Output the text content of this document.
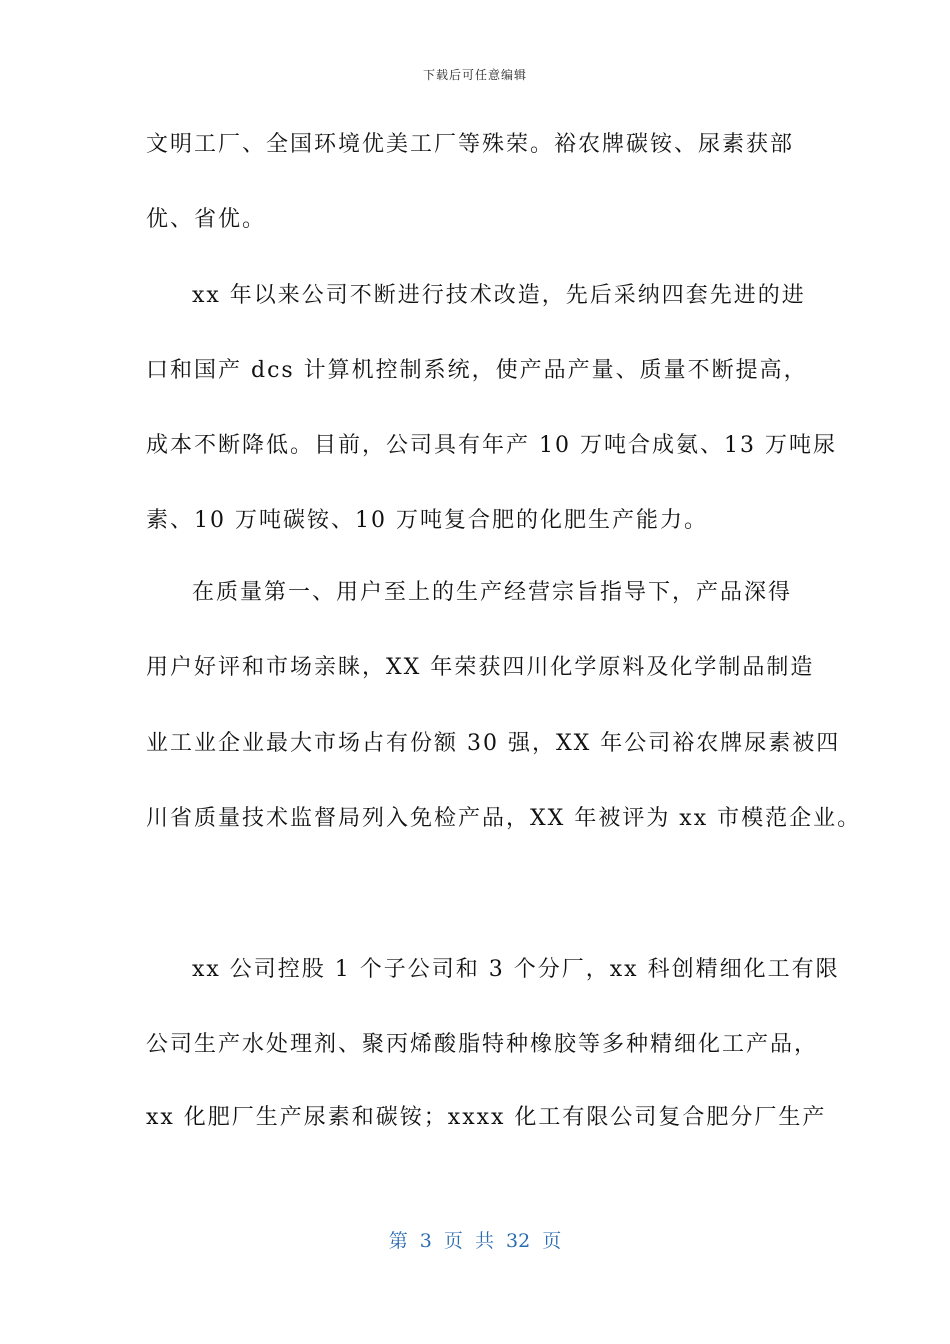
下载后可任意编辑
文明工厂、全国环境优美工厂等殊荣。裕农牌碳铵、尿素获部
优、省优。
xx 年以来公司不断进行技术改造，先后采纳四套先进的进
口和国产 dcs 计算机控制系统，使产品产量、质量不断提高，
成本不断降低。目前，公司具有年产 10 万吨合成氨、13 万吨尿
素、10 万吨碳铵、10 万吨复合肥的化肥生产能力。
在质量第一、用户至上的生产经营宗旨指导下，产品深得
用户好评和市场亲睐，XX 年荣获四川化学原料及化学制品制造
业工业企业最大市场占有份额 30 强，XX 年公司裕农牌尿素被四
川省质量技术监督局列入免检产品，XX 年被评为 xx 市模范企业。
xx 公司控股 1 个子公司和 3 个分厂，xx 科创精细化工有限
公司生产水处理剂、聚丙烯酸脂特种橡胶等多种精细化工产品，
xx 化肥厂生产尿素和碳铵；xxxx 化工有限公司复合肥分厂生产
第 3 页 共 32 页
